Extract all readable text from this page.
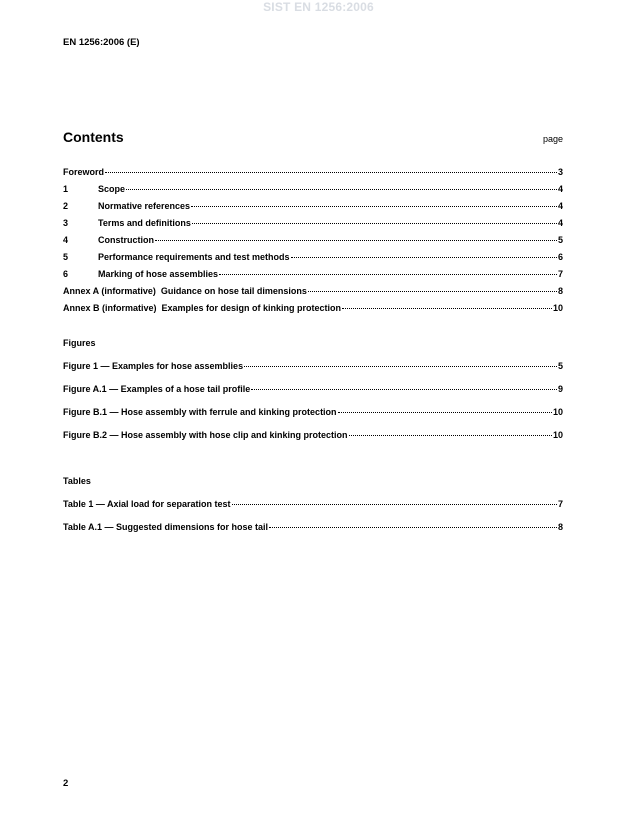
SIST EN 1256:2006
EN 1256:2006 (E)
Contents	page
Foreword	3
1	Scope	4
2	Normative references	4
3	Terms and definitions	4
4	Construction	5
5	Performance requirements and test methods	6
6	Marking of hose assemblies	7
Annex A (informative)  Guidance on hose tail dimensions	8
Annex B (informative)  Examples for design of kinking protection	10
Figures
Figure 1 — Examples for hose assemblies	5
Figure A.1 — Examples of a hose tail profile	9
Figure B.1 — Hose assembly with ferrule and kinking protection	10
Figure B.2 — Hose assembly with hose clip and kinking protection	10
Tables
Table 1 — Axial load for separation test	7
Table A.1 — Suggested dimensions for hose tail	8
2
